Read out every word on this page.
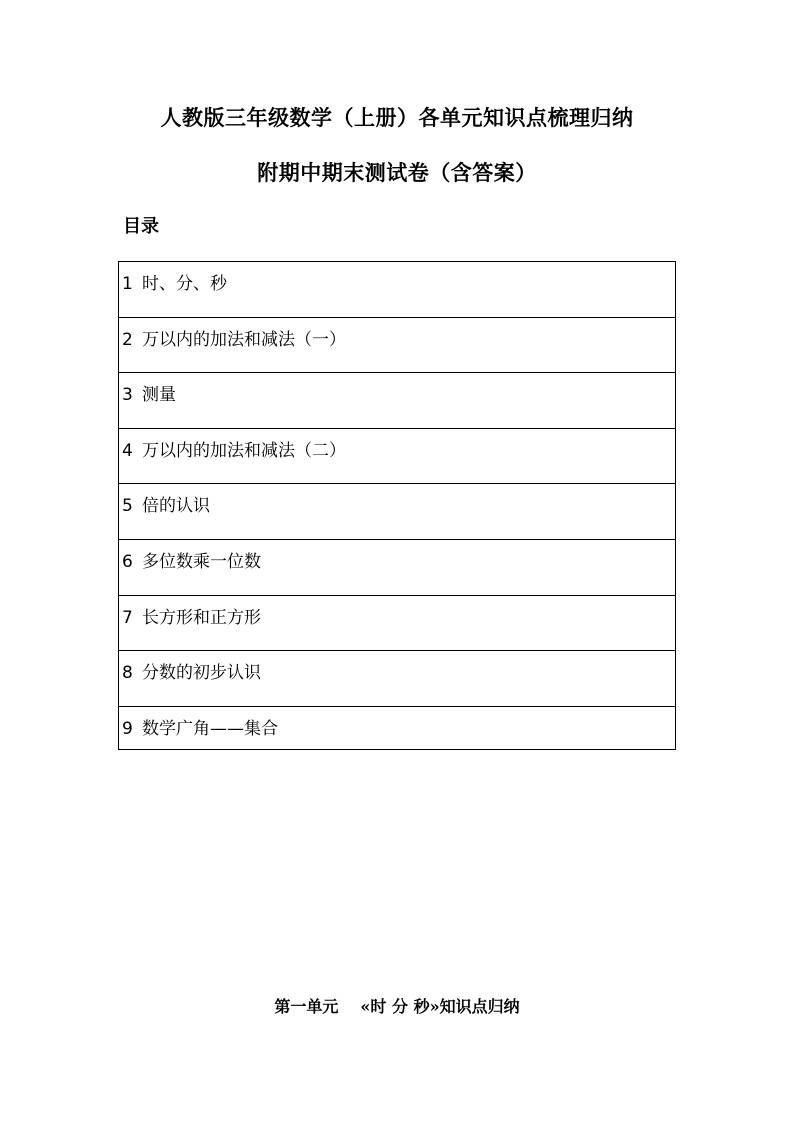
人教版三年级数学（上册）各单元知识点梳理归纳
附期中期末测试卷（含答案）
目录
1 时、分、秒
2 万以内的加法和减法（一）
3 测量
4 万以内的加法和减法（二）
5 倍的认识
6 多位数乘一位数
7 长方形和正方形
8 分数的初步认识
9 数学广角——集合
第一单元 «时 分 秒»知识点归纳
